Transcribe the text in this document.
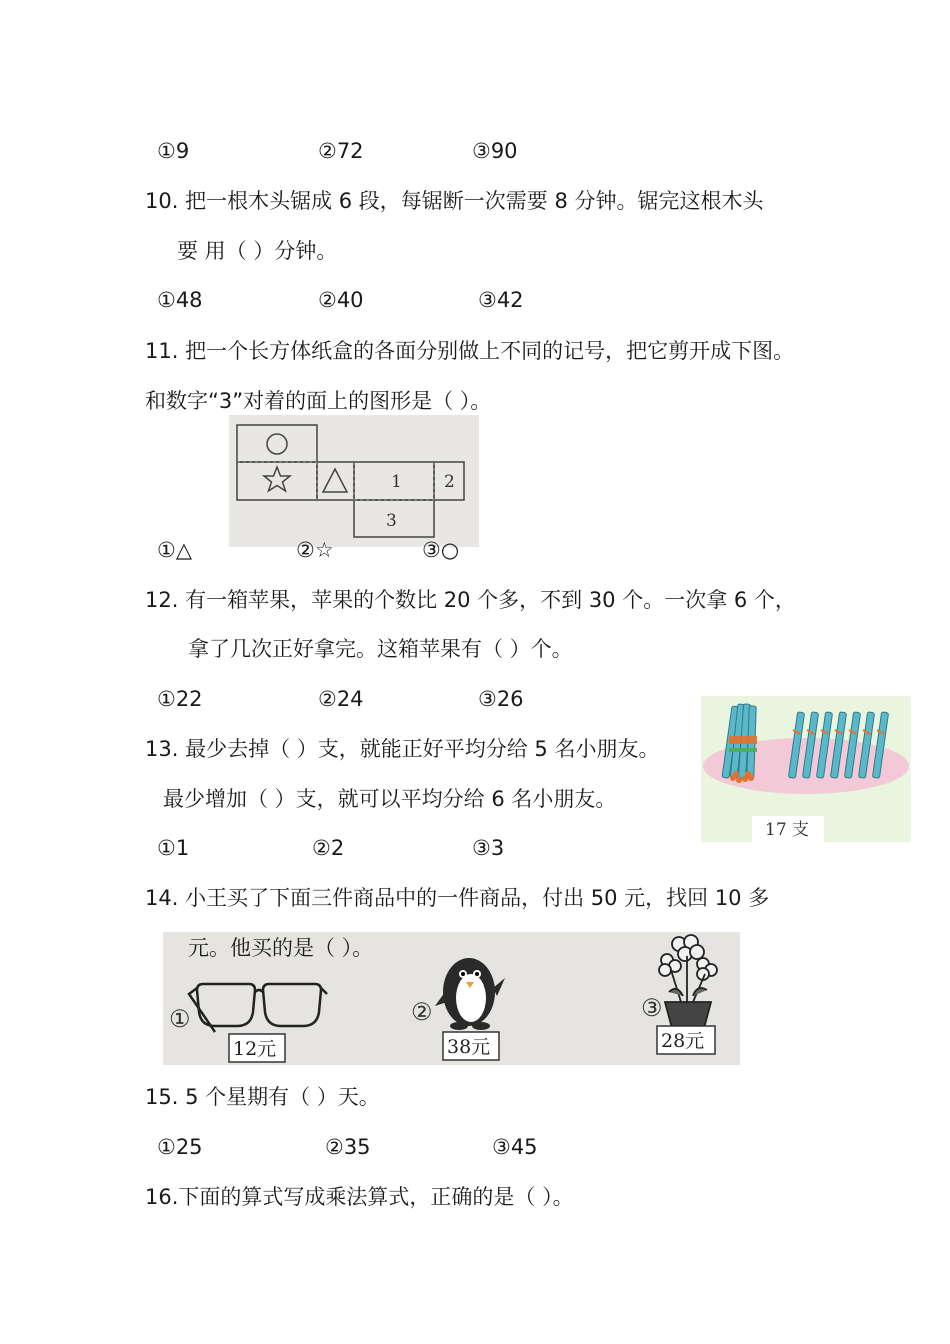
①9	②72	③90
10. 把一根木头锯成 6 段，每锯断一次需要 8 分钟。锯完这根木头
要 用（ ）分钟。
①48	②40	③42
11. 把一个长方体纸盒的各面分别做上不同的记号，把它剪开成下图。
和数字“3”对着的面上的图形是（ ）。
1 2
3
①△	②☆	③○
12. 有一箱苹果，苹果的个数比 20 个多，不到 30 个。一次拿 6 个，
拿了几次正好拿完。这箱苹果有（ ）个。
①22	②24	③26
13. 最少去掉（ ）支，就能正好平均分给 5 名小朋友。
最少增加（ ）支，就可以平均分给 6 名小朋友。
17 支
①1	②2	③3
14. 小王买了下面三件商品中的一件商品，付出 50 元，找回 10 多
①
12元
②
38元
③
28元
元。他买的是（ ）。
15. 5 个星期有（ ）天。
①25	②35	③45
16.下面的算式写成乘法算式，正确的是（ ）。
